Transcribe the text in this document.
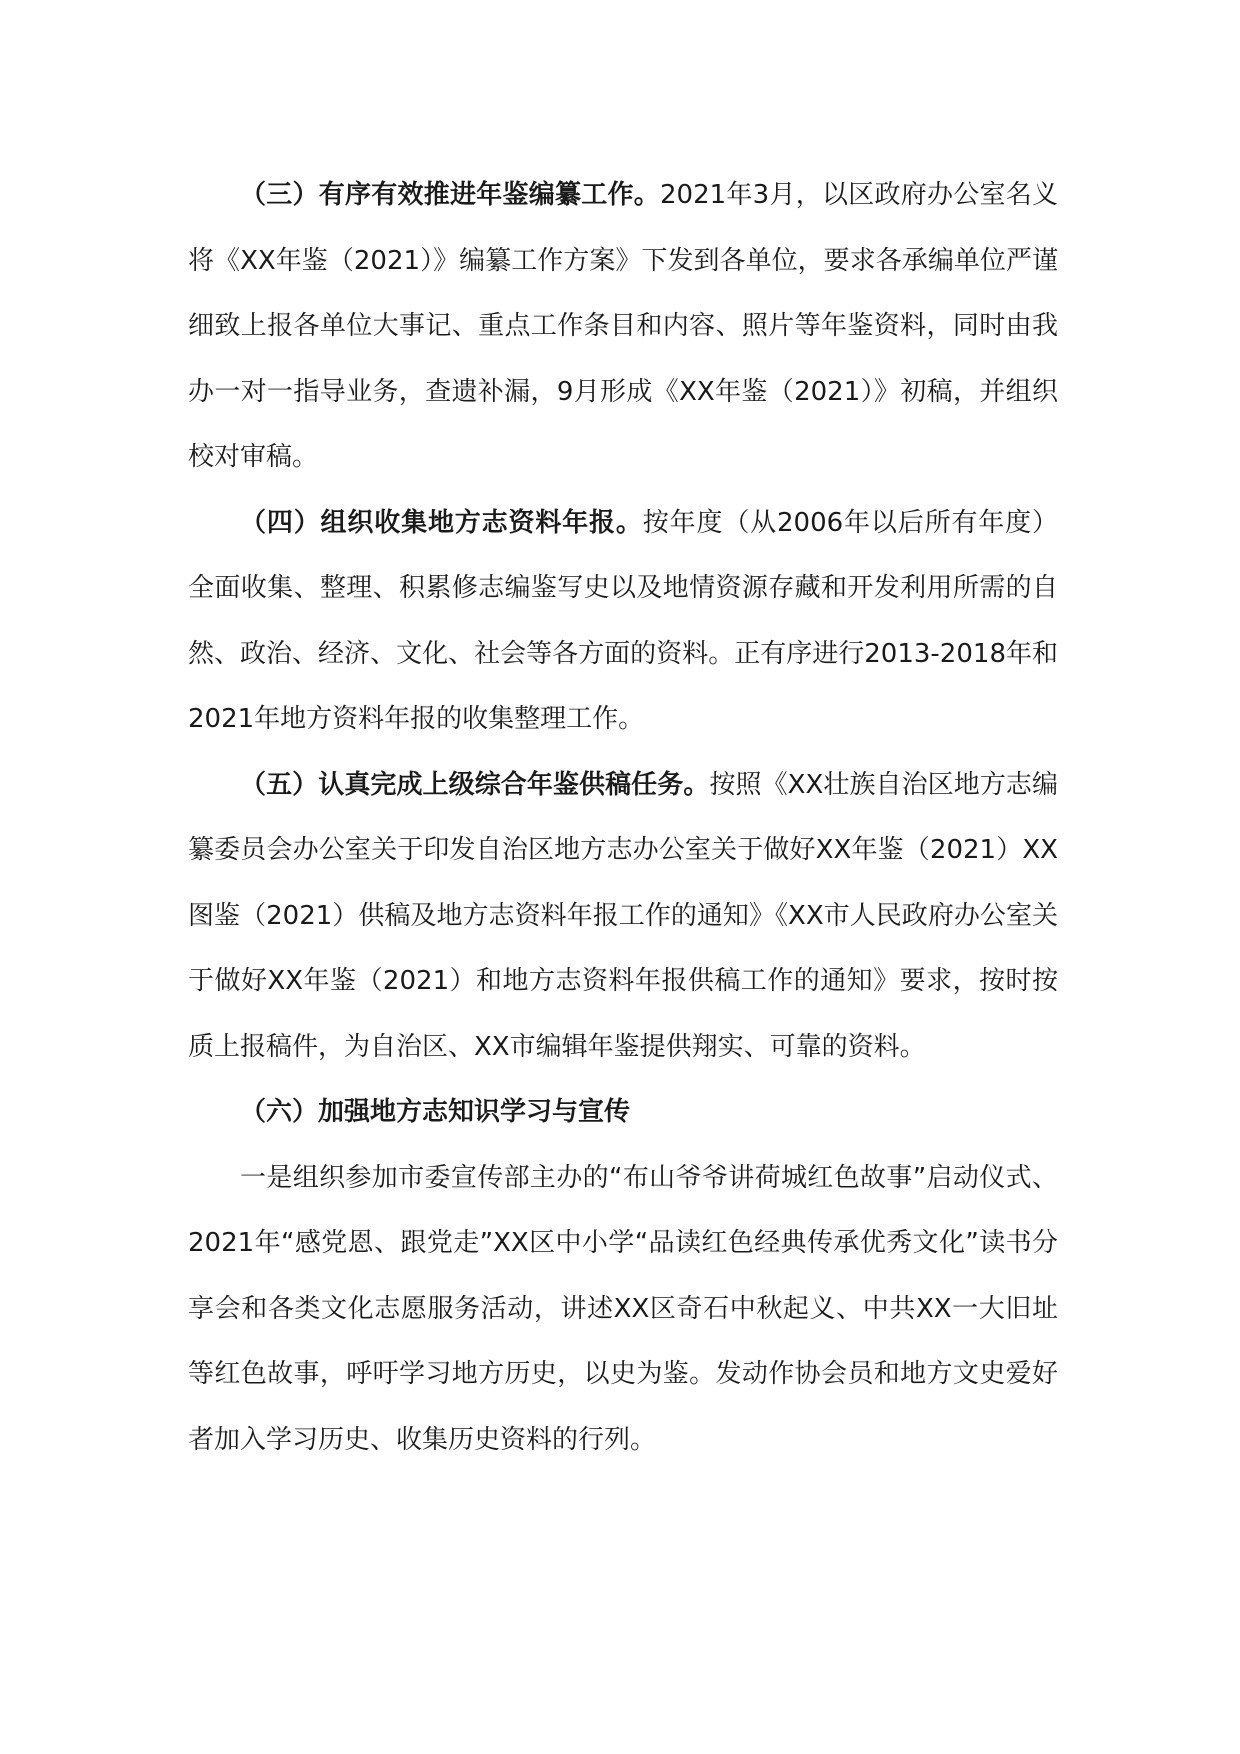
（三）有序有效推进年鉴编纂工作。2021年3月，以区政府办公室名义将《XX年鉴（2021）》编纂工作方案》下发到各单位，要求各承编单位严谨细致上报各单位大事记、重点工作条目和内容、照片等年鉴资料，同时由我办一对一指导业务，查遗补漏，9月形成《XX年鉴（2021）》初稿，并组织校对审稿。

（四）组织收集地方志资料年报。按年度（从2006年以后所有年度）全面收集、整理、积累修志编鉴写史以及地情资源存藏和开发利用所需的自然、政治、经济、文化、社会等各方面的资料。正有序进行2013-2018年和2021年地方资料年报的收集整理工作。

（五）认真完成上级综合年鉴供稿任务。按照《XX壮族自治区地方志编纂委员会办公室关于印发自治区地方志办公室关于做好XX年鉴（2021）XX图鉴（2021）供稿及地方志资料年报工作的通知》《XX市人民政府办公室关于做好XX年鉴（2021）和地方志资料年报供稿工作的通知》要求，按时按质上报稿件，为自治区、XX市编辑年鉴提供翔实、可靠的资料。

（六）加强地方志知识学习与宣传

一是组织参加市委宣传部主办的“布山爷爷讲荷城红色故事”启动仪式、2021年“感党恩、跟党走”XX区中小学“品读红色经典传承优秀文化”读书分享会和各类文化志愿服务活动，讲述XX区奇石中秋起义、中共XX一大旧址等红色故事，呼吁学习地方历史，以史为鉴。发动作协会员和地方文史爱好者加入学习历史、收集历史资料的行列。
